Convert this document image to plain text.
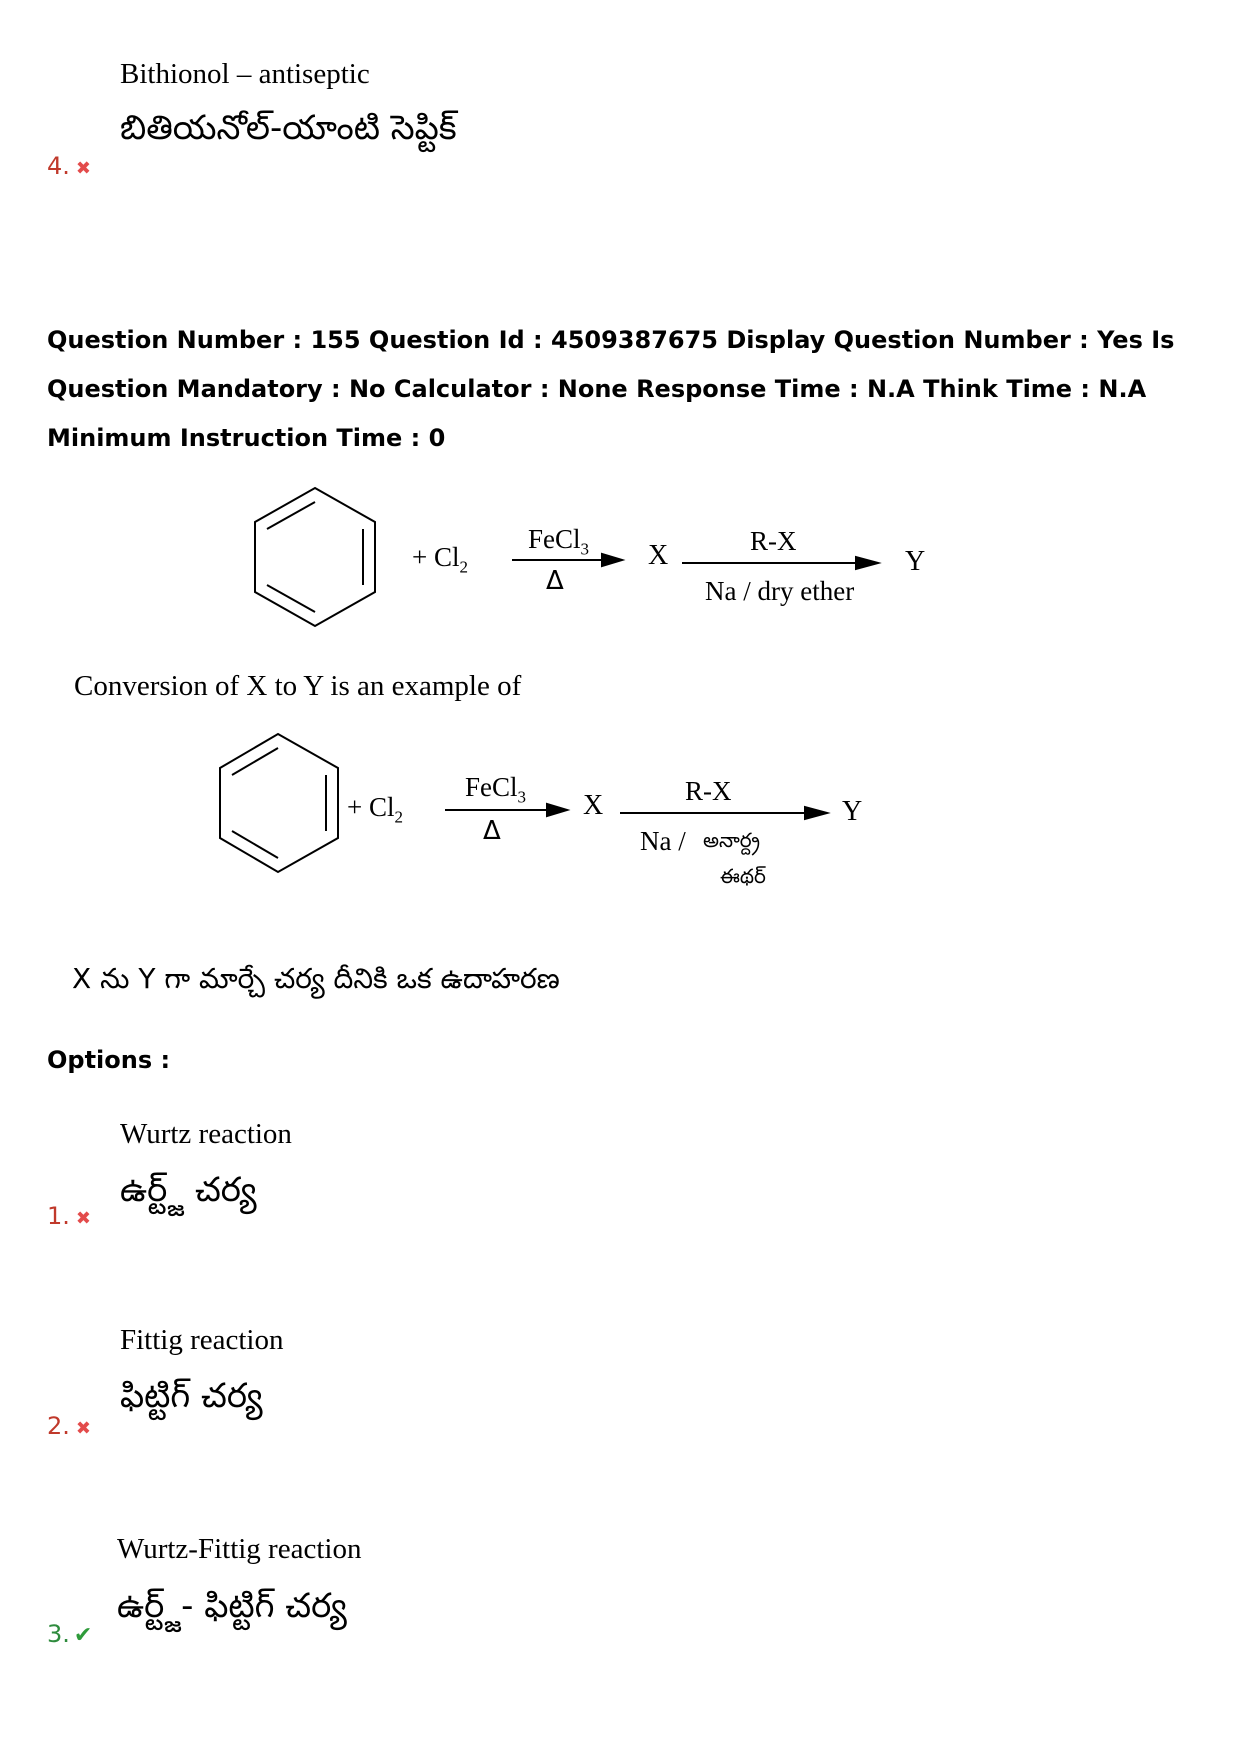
Bithionol – antiseptic
బితియనోల్-యాంటి సెప్టిక్
4. ✖
Question Number : 155 Question Id : 4509387675 Display Question Number : Yes Is Question Mandatory : No Calculator : None Response Time : N.A Think Time : N.A Minimum Instruction Time : 0
+ $Cl_2$
FeCl$_3$
Δ
X	R-X
Na / dry ether
Y
Conversion of X to Y is an example of
+ $Cl_2$
FeCl$_3$
Δ
X	R-X
Na / అనార్ద్ర
ఈథర్
Y
X ను Y గా మార్చే చర్య దీనికి ఒక ఉదాహరణ
Options :
Wurtz reaction
ఉర్ట్జ్ చర్య
1. ✖
Fittig reaction
ఫిట్టిగ్ చర్య
2. ✖
Wurtz-Fittig reaction
ఉర్ట్జ్- ఫిట్టిగ్ చర్య
3. ✔
